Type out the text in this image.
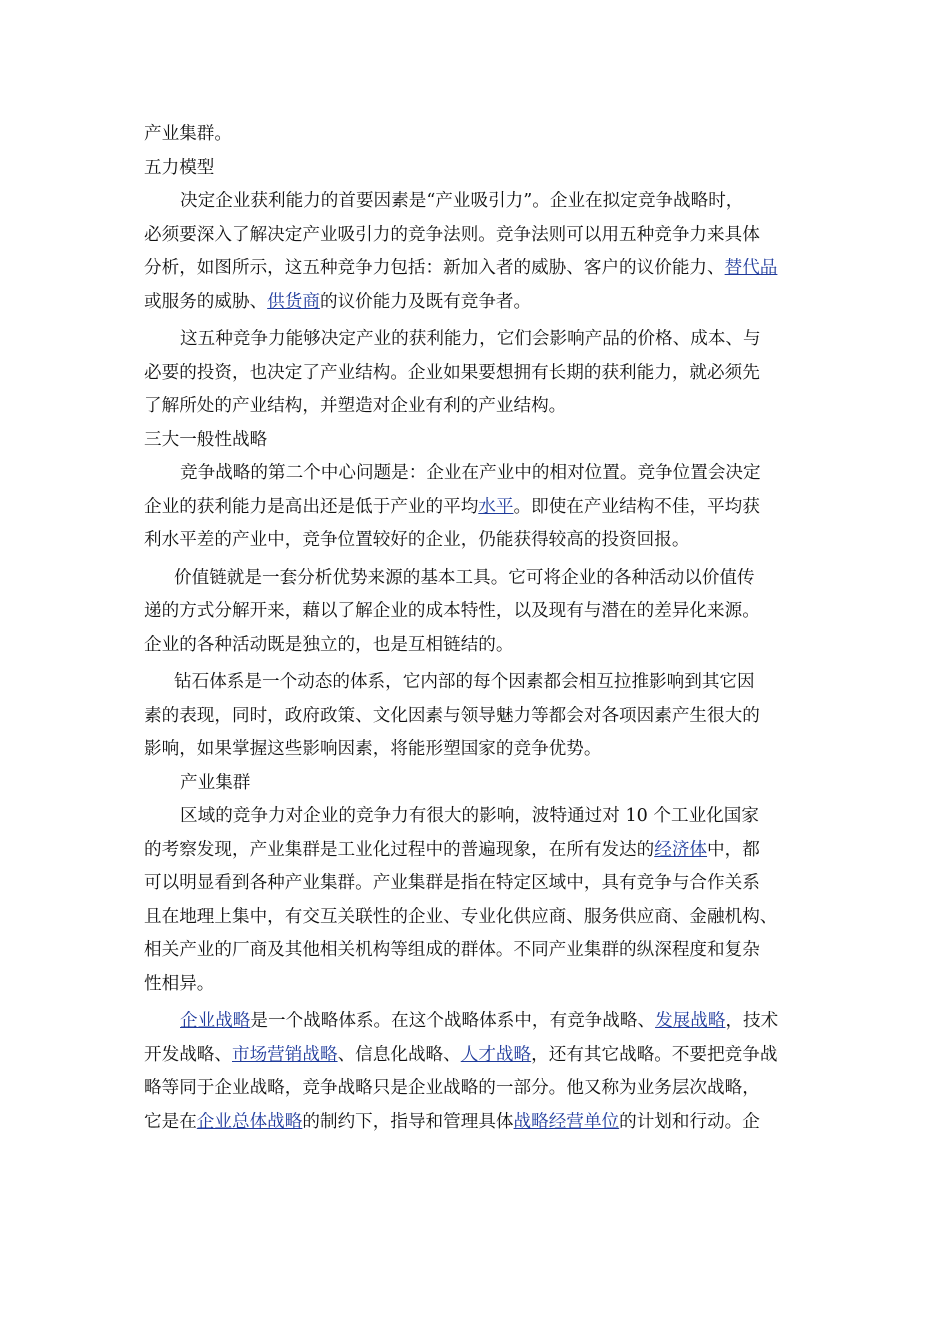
产业集群。

五力模型

决定企业获利能力的首要因素是“产业吸引力”。企业在拟定竞争战略时，

必须要深入了解决定产业吸引力的竞争法则。竞争法则可以用五种竞争力来具体

分析，如图所示，这五种竞争力包括：新加入者的威胁、客户的议价能力、替代品

或服务的威胁、供货商的议价能力及既有竞争者。

这五种竞争力能够决定产业的获利能力，它们会影响产品的价格、成本、与

必要的投资，也决定了产业结构。企业如果要想拥有长期的获利能力，就必须先

了解所处的产业结构，并塑造对企业有利的产业结构。

三大一般性战略

竞争战略的第二个中心问题是：企业在产业中的相对位置。竞争位置会决定

企业的获利能力是高出还是低于产业的平均水平。即使在产业结构不佳，平均获

利水平差的产业中，竞争位置较好的企业，仍能获得较高的投资回报。

价值链就是一套分析优势来源的基本工具。它可将企业的各种活动以价值传

递的方式分解开来，藉以了解企业的成本特性，以及现有与潜在的差异化来源。

企业的各种活动既是独立的，也是互相链结的。

钻石体系是一个动态的体系，它内部的每个因素都会相互拉推影响到其它因

素的表现，同时，政府政策、文化因素与领导魅力等都会对各项因素产生很大的

影响，如果掌握这些影响因素，将能形塑国家的竞争优势。

产业集群

区域的竞争力对企业的竞争力有很大的影响，波特通过对 10 个工业化国家

的考察发现，产业集群是工业化过程中的普遍现象，在所有发达的经济体中，都

可以明显看到各种产业集群。产业集群是指在特定区域中，具有竞争与合作关系

且在地理上集中，有交互关联性的企业、专业化供应商、服务供应商、金融机构、

相关产业的厂商及其他相关机构等组成的群体。不同产业集群的纵深程度和复杂

性相异。

企业战略是一个战略体系。在这个战略体系中，有竞争战略、发展战略，技术

开发战略、市场营销战略、信息化战略、人才战略，还有其它战略。不要把竞争战

略等同于企业战略，竞争战略只是企业战略的一部分。他又称为业务层次战略，

它是在企业总体战略的制约下，指导和管理具体战略经营单位的计划和行动。企
